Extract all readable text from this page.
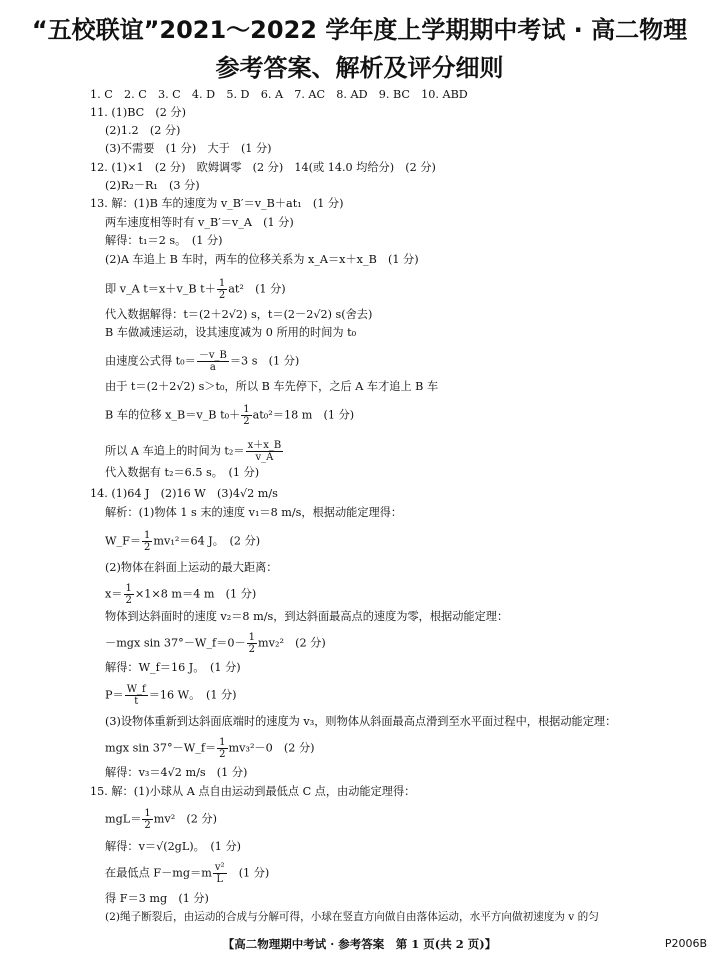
“五校联谊”2021～2022 学年度上学期期中考试 · 高二物理
参考答案、解析及评分细则
1. C　2. C　3. C　4. D　5. D　6. A　7. AC　8. AD　9. BC　10. ABD
11. (1)BC　(2 分)
(2)1.2　(2 分)
(3)不需要　(1 分)　大于　(1 分)
12. (1)×1　(2 分)　欧姆调零　(2 分)　14(或 14.0 均给分)　(2 分)
(2)R₂－R₁　(3 分)
13. 解：(1)B 车的速度为 v_B′＝v_B＋at₁　(1 分)
两车速度相等时有 v_B′＝v_A　(1 分)
解得：t₁＝2 s。　(1 分)
(2)A 车追上 B 车时，两车的位移关系为 x_A＝x＋x_B　(1 分)
即 v_A t＝x＋v_B $t+ \frac{1}{2} at^2$　(1 分)
代入数据解得：t＝(2＋2√2) s，t＝(2－2√2) s(舍去)
B 车做减速运动，设其速度减为 0 所用的时间为 t₀
由速度公式得 $t_0= \frac{-v\_B}{a} =3$ s　(1 分)
由于 t＝(2＋2√2) s＞t₀，所以 B 车先停下，之后 A 车才追上 B 车
B 车的位移 x_B＝v_B $t_0+ \frac{1}{2} at_0^2=18$ m　(1 分)
所以 A 车追上的时间为 $t_2= \frac{x+x\_B}{v\_A}$
代入数据有 t₂＝6.5 s。　(1 分)
14. (1)64 J　(2)16 W　(3)4√2 m/s
解析：(1)物体 1 s 末的速度 v₁＝8 m/s，根据动能定理得：
W_F＝ $\frac{1}{2} mv_1^2=64$ J。　(2 分)
(2)物体在斜面上运动的最大距离：
$x= \frac{1}{2} \times 1\times 8$ m＝4 m　(1 分)
物体到达斜面时的速度 v₂＝8 m/s，到达斜面最高点的速度为零，根据动能定理：
－mgx sin 37°－W_f＝0－ $\frac{1}{2} mv_2^2$　(2 分)
解得：W_f＝16 J。　(1 分)
$P= \frac{W\_f}{t} =16$ W。　(1 分)
(3)设物体重新到达斜面底端时的速度为 v₃，则物体从斜面最高点滑到至水平面过程中，根据动能定理：
mgx sin 37°－W_f＝ $\frac{1}{2} mv_3^2-0$　(2 分)
解得：v₃＝4√2 m/s　(1 分)
15. 解：(1)小球从 A 点自由运动到最低点 C 点，由动能定理得：
$mgL= \frac{1}{2} mv^2$　(2 分)
解得：v＝√(2gL)。　(1 分)
在最低点 $F-mg=m \frac{\text{v²}}{L}$ 　(1 分)
得 F＝3 mg　(1 分)
(2)绳子断裂后，由运动的合成与分解可得，小球在竖直方向做自由落体运动，水平方向做初速度为 v 的匀
【高二物理期中考试 · 参考答案　第 1 页(共 2 页)】	P2006B
